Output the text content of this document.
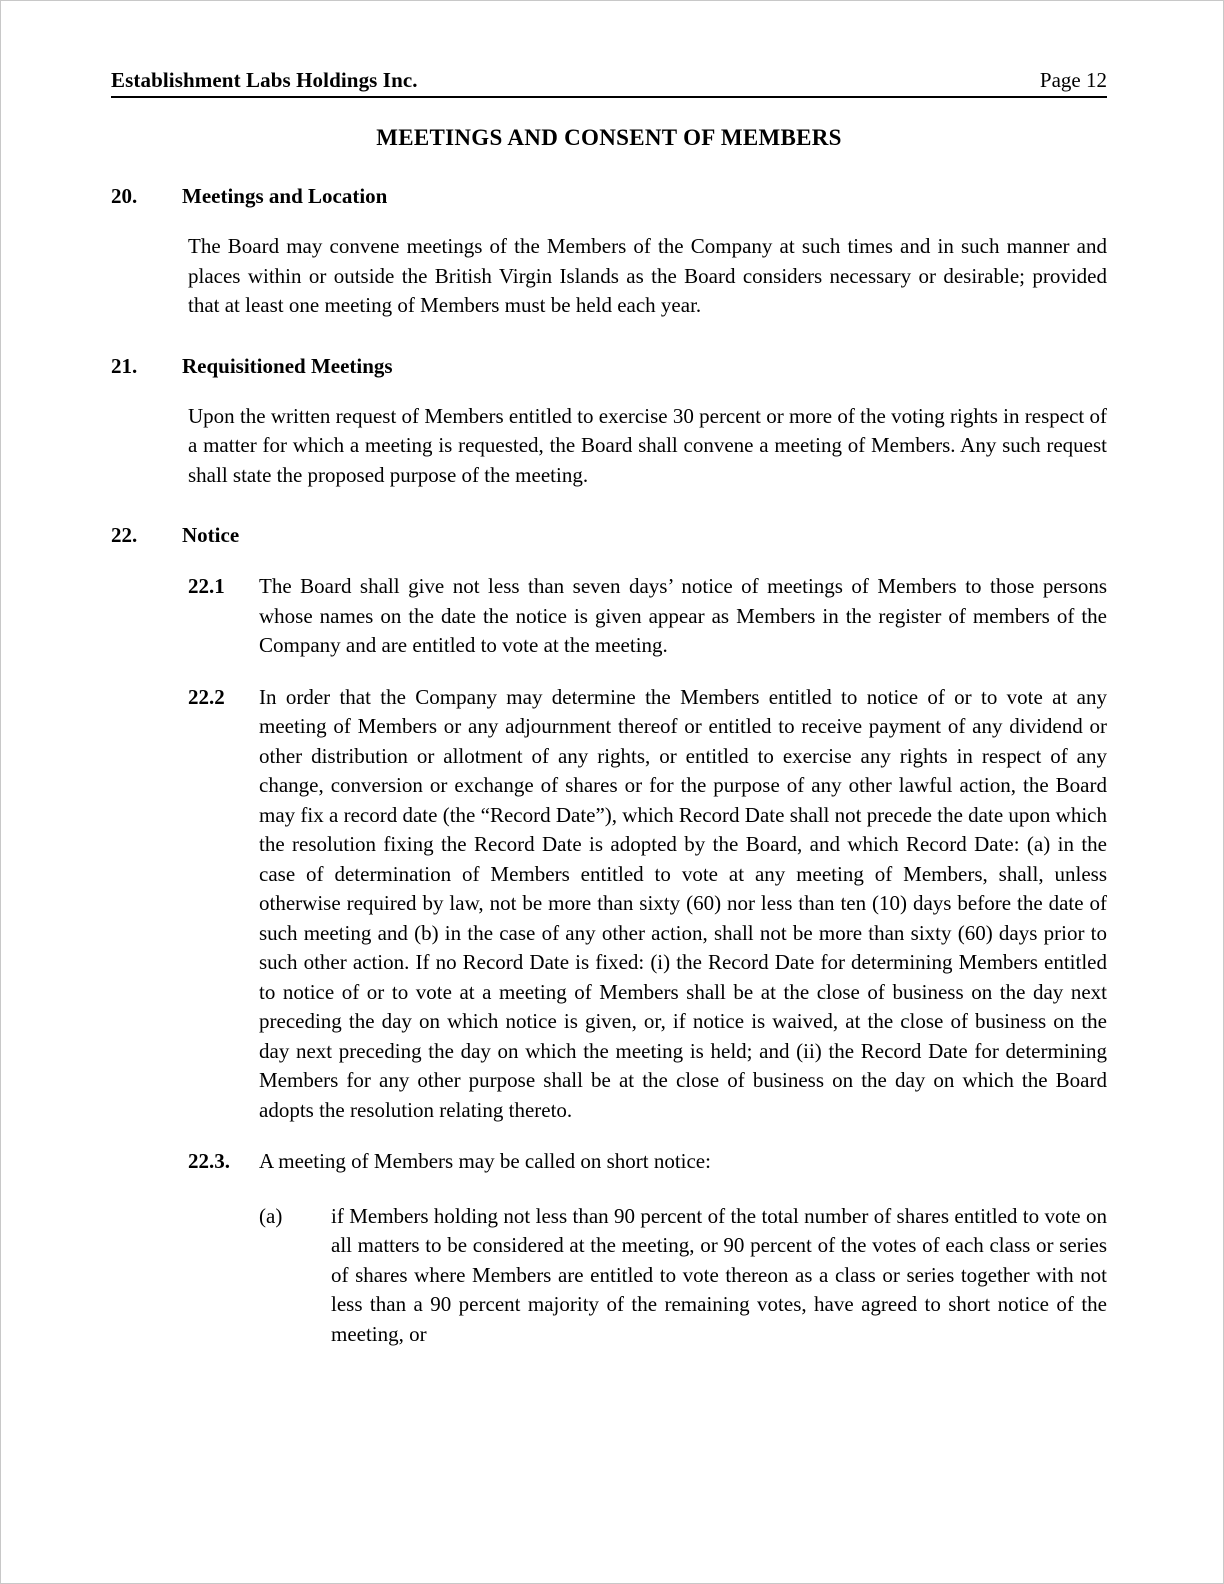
Establishment Labs Holdings Inc.	Page 12
MEETINGS AND CONSENT OF MEMBERS
20.	Meetings and Location

The Board may convene meetings of the Members of the Company at such times and in such manner and places within or outside the British Virgin Islands as the Board considers necessary or desirable; provided that at least one meeting of Members must be held each year.

21.	Requisitioned Meetings

Upon the written request of Members entitled to exercise 30 percent or more of the voting rights in respect of a matter for which a meeting is requested, the Board shall convene a meeting of Members. Any such request shall state the proposed purpose of the meeting.

22.	Notice
22.1	The Board shall give not less than seven days’ notice of meetings of Members to those persons whose names on the date the notice is given appear as Members in the register of members of the Company and are entitled to vote at the meeting.
22.2	In order that the Company may determine the Members entitled to notice of or to vote at any meeting of Members or any adjournment thereof or entitled to receive payment of any dividend or other distribution or allotment of any rights, or entitled to exercise any rights in respect of any change, conversion or exchange of shares or for the purpose of any other lawful action, the Board may fix a record date (the “Record Date”), which Record Date shall not precede the date upon which the resolution fixing the Record Date is adopted by the Board, and which Record Date: (a) in the case of determination of Members entitled to vote at any meeting of Members, shall, unless otherwise required by law, not be more than sixty (60) nor less than ten (10) days before the date of such meeting and (b) in the case of any other action, shall not be more than sixty (60) days prior to such other action. If no Record Date is fixed: (i) the Record Date for determining Members entitled to notice of or to vote at a meeting of Members shall be at the close of business on the day next preceding the day on which notice is given, or, if notice is waived, at the close of business on the day next preceding the day on which the meeting is held; and (ii) the Record Date for determining Members for any other purpose shall be at the close of business on the day on which the Board adopts the resolution relating thereto.
22.3.	A meeting of Members may be called on short notice:
(a)	if Members holding not less than 90 percent of the total number of shares entitled to vote on all matters to be considered at the meeting, or 90 percent of the votes of each class or series of shares where Members are entitled to vote thereon as a class or series together with not less than a 90 percent majority of the remaining votes, have agreed to short notice of the meeting, or
